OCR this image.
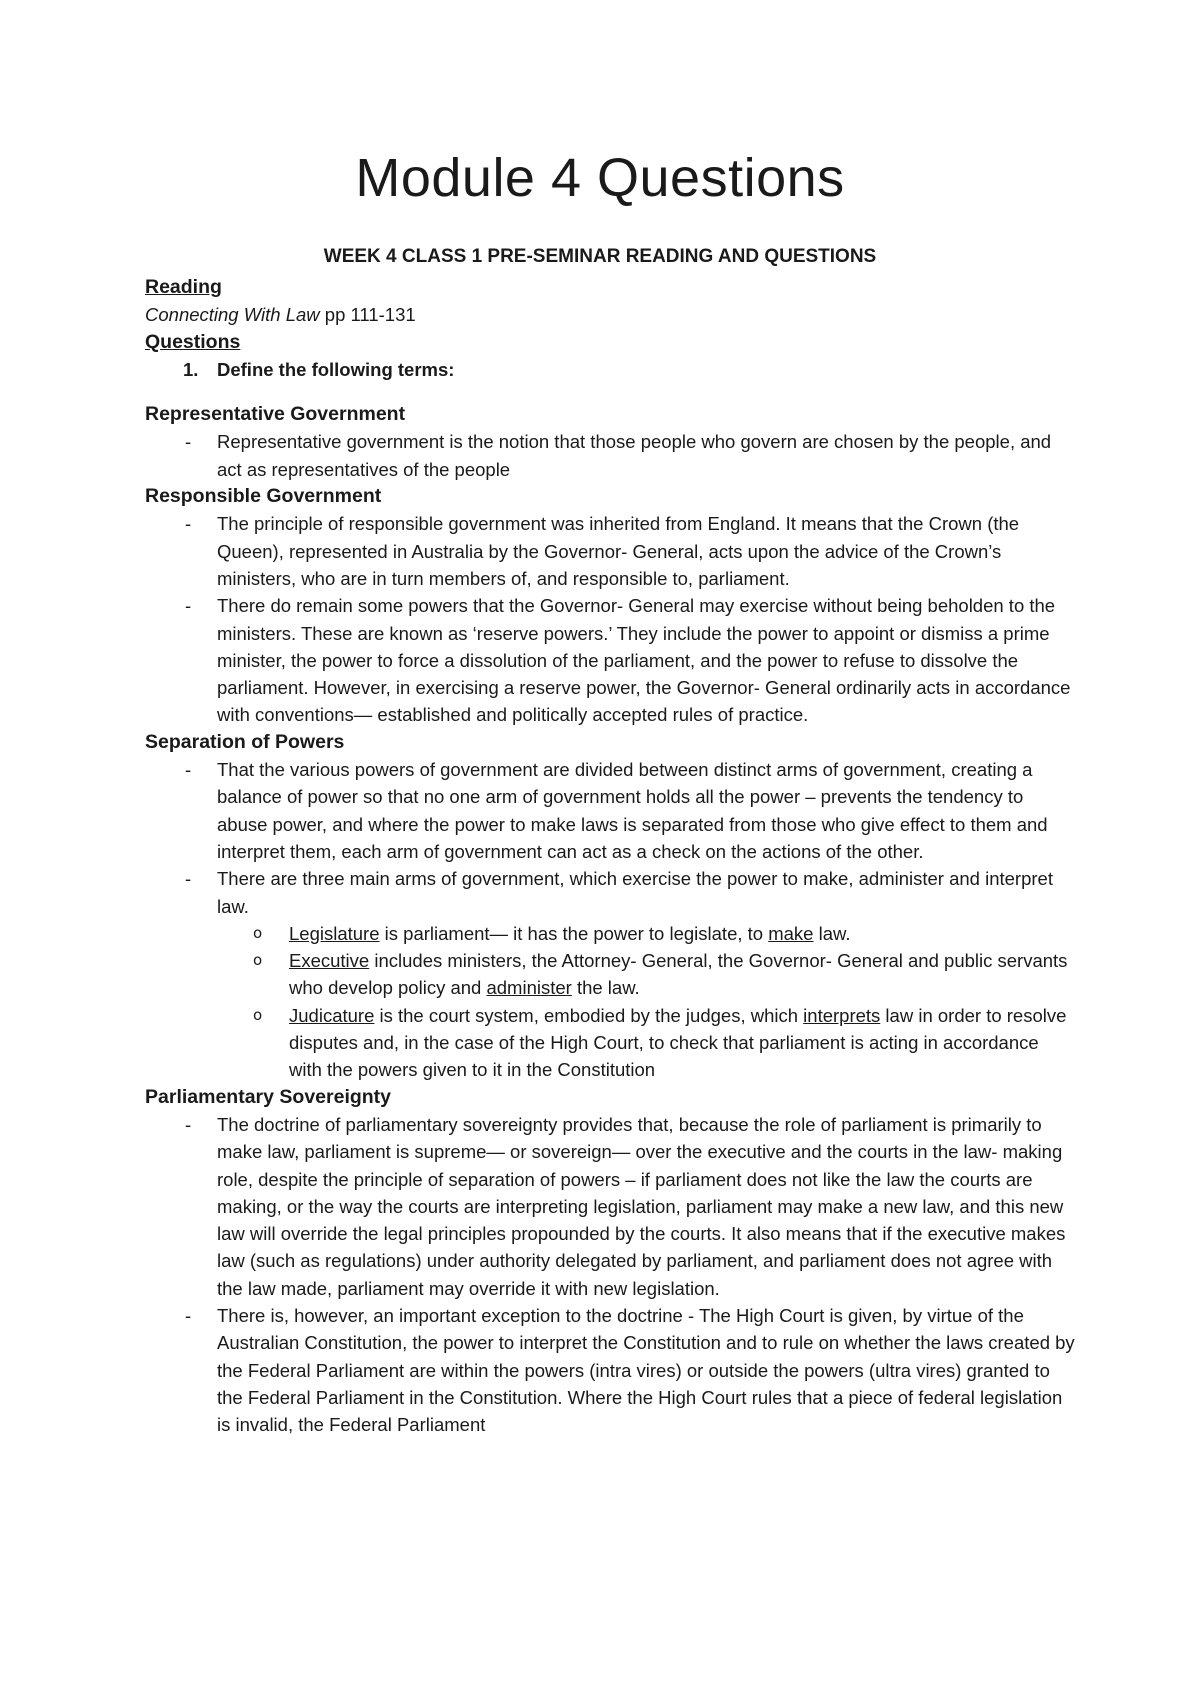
Module 4 Questions
WEEK 4 CLASS 1 PRE-SEMINAR READING AND QUESTIONS

Reading

Connecting With Law pp 111-131

Questions

1. Define the following terms:

Representative Government

- Representative government is the notion that those people who govern are chosen by the people, and act as representatives of the people

Responsible Government

- The principle of responsible government was inherited from England. It means that the Crown (the Queen), represented in Australia by the Governor- General, acts upon the advice of the Crown’s ministers, who are in turn members of, and responsible to, parliament.
- There do remain some powers that the Governor- General may exercise without being beholden to the ministers. These are known as ‘reserve powers.’ They include the power to appoint or dismiss a prime minister, the power to force a dissolution of the parliament, and the power to refuse to dissolve the parliament. However, in exercising a reserve power, the Governor- General ordinarily acts in accordance with conventions— established and politically accepted rules of practice.

Separation of Powers

- That the various powers of government are divided between distinct arms of government, creating a balance of power so that no one arm of government holds all the power – prevents the tendency to abuse power, and where the power to make laws is separated from those who give effect to them and interpret them, each arm of government can act as a check on the actions of the other.
- There are three main arms of government, which exercise the power to make, administer and interpret law.
o Legislature is parliament— it has the power to legislate, to make law.
o Executive includes ministers, the Attorney- General, the Governor- General and public servants who develop policy and administer the law.
o Judicature is the court system, embodied by the judges, which interprets law in order to resolve disputes and, in the case of the High Court, to check that parliament is acting in accordance with the powers given to it in the Constitution

Parliamentary Sovereignty

- The doctrine of parliamentary sovereignty provides that, because the role of parliament is primarily to make law, parliament is supreme— or sovereign— over the executive and the courts in the law- making role, despite the principle of separation of powers – if parliament does not like the law the courts are making, or the way the courts are interpreting legislation, parliament may make a new law, and this new law will override the legal principles propounded by the courts. It also means that if the executive makes law (such as regulations) under authority delegated by parliament, and parliament does not agree with the law made, parliament may override it with new legislation.
- There is, however, an important exception to the doctrine - The High Court is given, by virtue of the Australian Constitution, the power to interpret the Constitution and to rule on whether the laws created by the Federal Parliament are within the powers (intra vires) or outside the powers (ultra vires) granted to the Federal Parliament in the Constitution. Where the High Court rules that a piece of federal legislation is invalid, the Federal Parliament
